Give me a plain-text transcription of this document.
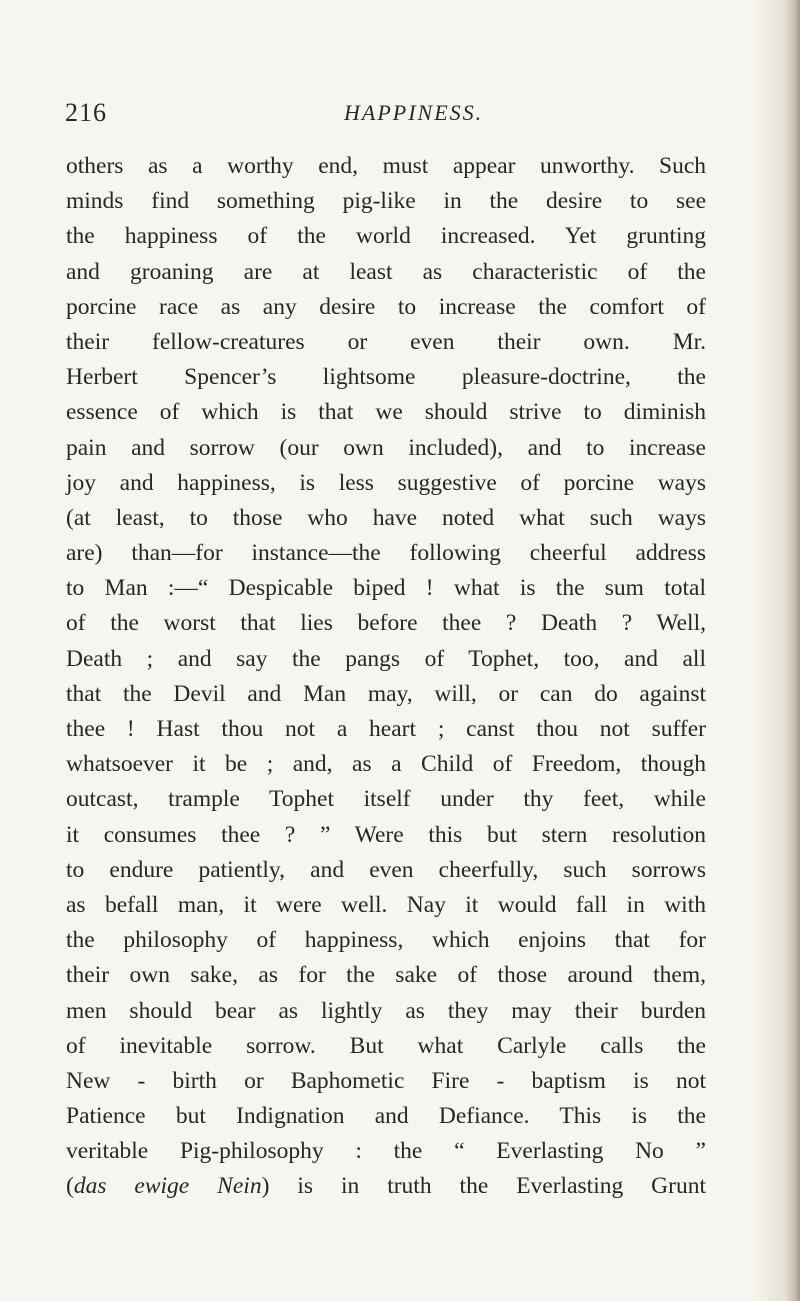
216	HAPPINESS.
others as a worthy end, must appear unworthy. Such
minds find something pig-like in the desire to see
the happiness of the world increased. Yet grunting
and groaning are at least as characteristic of the
porcine race as any desire to increase the comfort of
their fellow-creatures or even their own. Mr.
Herbert Spencer’s lightsome pleasure-doctrine, the
essence of which is that we should strive to diminish
pain and sorrow (our own included), and to increase
joy and happiness, is less suggestive of porcine ways
(at least, to those who have noted what such ways
are) than—for instance—the following cheerful address
to Man :—“ Despicable biped ! what is the sum total
of the worst that lies before thee ? Death ? Well,
Death ; and say the pangs of Tophet, too, and all
that the Devil and Man may, will, or can do against
thee ! Hast thou not a heart ; canst thou not suffer
whatsoever it be ; and, as a Child of Freedom, though
outcast, trample Tophet itself under thy feet, while
it consumes thee ? ” Were this but stern resolution
to endure patiently, and even cheerfully, such sorrows
as befall man, it were well. Nay it would fall in with
the philosophy of happiness, which enjoins that for
their own sake, as for the sake of those around them,
men should bear as lightly as they may their burden
of inevitable sorrow. But what Carlyle calls the
New - birth or Baphometic Fire - baptism is not
Patience but Indignation and Defiance. This is the
veritable Pig-philosophy : the “ Everlasting No ”
(das ewige Nein) is in truth the Everlasting Grunt
